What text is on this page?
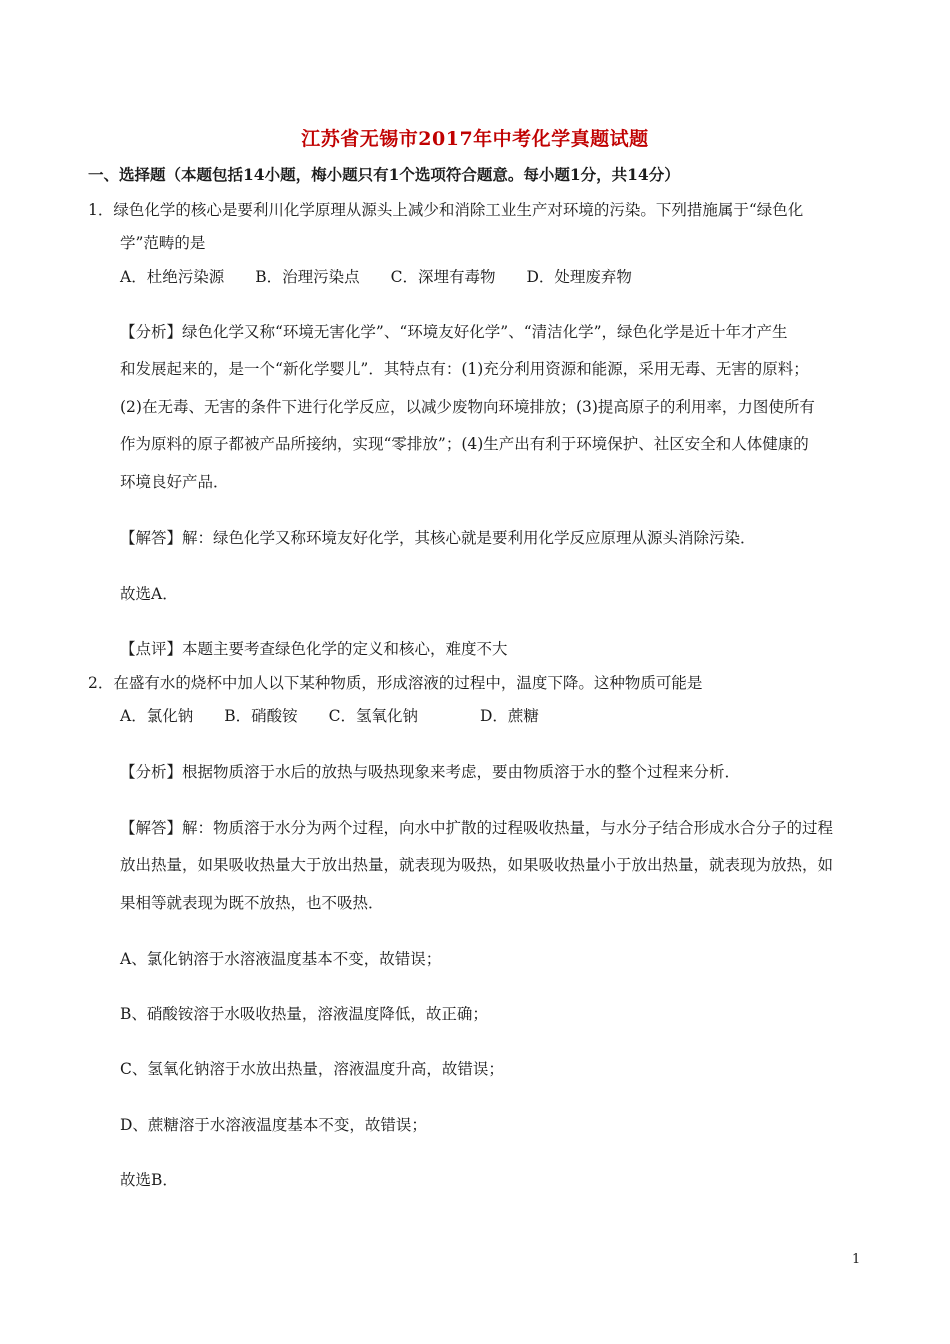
江苏省无锡市2017年中考化学真题试题
一、选择题（本题包括14小题，梅小题只有1个选项符合题意。每小题1分，共14分）
1．绿色化学的核心是要利川化学原理从源头上减少和消除工业生产对环境的污染。下列措施属于“绿色化
学”范畴的是
A．杜绝污染源　　B．治理污染点　　C．深埋有毒物　　D．处理废弃物
【分析】绿色化学又称“环境无害化学”、“环境友好化学”、“清洁化学”，绿色化学是近十年才产生
和发展起来的，是一个“新化学婴儿”．其特点有：(1)充分利用资源和能源，采用无毒、无害的原料；
(2)在无毒、无害的条件下进行化学反应，以减少废物向环境排放；(3)提高原子的利用率，力图使所有
作为原料的原子都被产品所接纳，实现“零排放”；(4)生产出有利于环境保护、社区安全和人体健康的
环境良好产品．
【解答】解：绿色化学又称环境友好化学，其核心就是要利用化学反应原理从源头消除污染．
故选A．
【点评】本题主要考查绿色化学的定义和核心，难度不大
2．在盛有水的烧杯中加人以下某种物质，形成溶液的过程中，温度下降。这种物质可能是
A．氯化钠　　B．硝酸铵　　C．氢氧化钠　　　　D．蔗糖
【分析】根据物质溶于水后的放热与吸热现象来考虑，要由物质溶于水的整个过程来分析．
【解答】解：物质溶于水分为两个过程，向水中扩散的过程吸收热量，与水分子结合形成水合分子的过程
放出热量，如果吸收热量大于放出热量，就表现为吸热，如果吸收热量小于放出热量，就表现为放热，如
果相等就表现为既不放热，也不吸热．
A、氯化钠溶于水溶液温度基本不变，故错误；
B、硝酸铵溶于水吸收热量，溶液温度降低，故正确；
C、氢氧化钠溶于水放出热量，溶液温度升高，故错误；
D、蔗糖溶于水溶液温度基本不变，故错误；
故选B．
1
